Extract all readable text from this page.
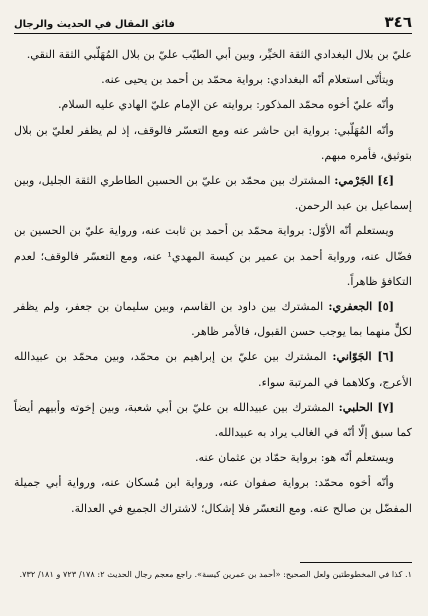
٣٤٦
فائق المقال في الحديث والرجال

عليّ بن بلال البغدادي الثقة الخيِّر، وبين أبي الطيّب عليّ بن بلال المُهَلّبي الثقة النقي.

ويتأتّى استعلام أنّه البغدادي: برواية محمّد بن أحمد بن يحيى عنه.

وأنّه عليّ أخوه محمّد المذكور: بروايته عن الإمام عليّ الهادي عليه السلام.

وأنّه المُهَلّبي: برواية ابن حاشر عنه ومع التعسّر فالوقف، إذ لم يظفر لعليّ بن بلال بتوثيق، فأمره مبهم.

[٤] الجَرْمي: المشترك بين محمّد بن عليّ بن الحسين الطاطري الثقة الجليل، وبين إسماعيل بن عبد الرحمن.

ويستعلم أنّه الأوّل: برواية محمّد بن أحمد بن ثابت عنه، ورواية عليّ بن الحسين بن فضّال عنه، ورواية أحمد بن عمير بن كيسة المهدي¹ عنه، ومع التعسّر فالوقف؛ لعدم التكافؤ ظاهراً.

[٥] الجعفري: المشترك بين داود بن القاسم، وبين سليمان بن جعفر، ولم يظفر لكلٍّ منهما بما يوجب حسن القبول، فالأمر ظاهر.

[٦] الجَوّاني: المشترك بين عليّ بن إبراهيم بن محمّد، وبين محمّد بن عبيدالله الأعرج، وكلاهما في المرتبة سواء.

[٧] الحلبي: المشترك بين عبيدالله بن عليّ بن أبي شعبة، وبين إخوته وأبيهم أيضاً كما سبق إلّا أنّه في الغالب يراد به عبيدالله.

ويستعلم أنّه هو: برواية حمّاد بن عثمان عنه.

وأنّه أخوه محمّد: برواية صفوان عنه، ورواية ابن مُسكان عنه، ورواية أبي جميلة المفضّل بن صالح عنه. ومع التعسّر فلا إشكال؛ لاشتراك الجميع في العدالة.

١. كذا في المخطوطتين ولعل الصحيح: «أحمد بن عمرين كيسة». راجع معجم رجال الحديث ٢: ١٧٨/ ٧٢٣ و ١٨١/ ٧٣٢.
